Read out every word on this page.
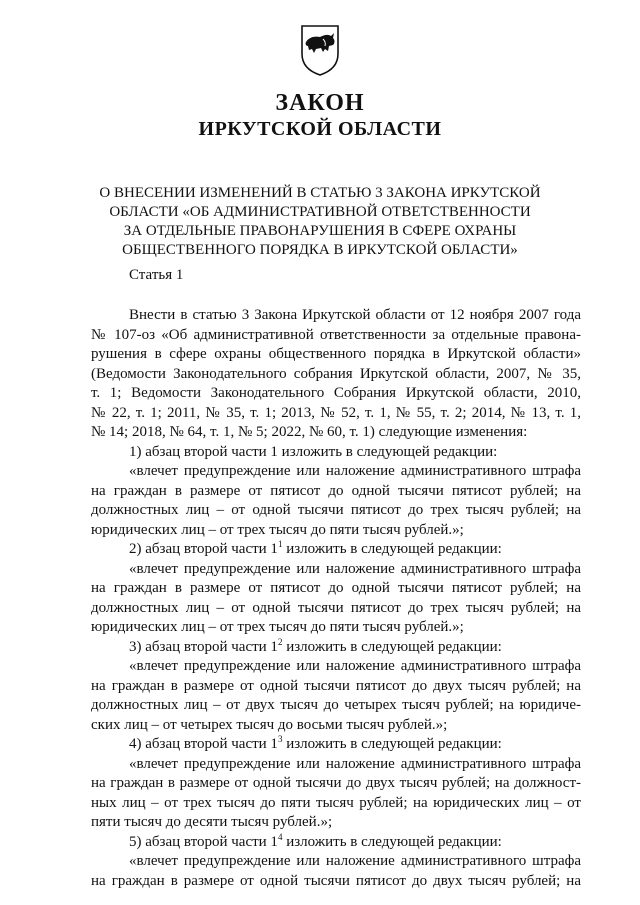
ЗАКОН
ИРКУТСКОЙ ОБЛАСТИ
О ВНЕСЕНИИ ИЗМЕНЕНИЙ В СТАТЬЮ 3 ЗАКОНА ИРКУТСКОЙ
ОБЛАСТИ «ОБ АДМИНИСТРАТИВНОЙ ОТВЕТСТВЕННОСТИ
ЗА ОТДЕЛЬНЫЕ ПРАВОНАРУШЕНИЯ В СФЕРЕ ОХРАНЫ
ОБЩЕСТВЕННОГО ПОРЯДКА В ИРКУТСКОЙ ОБЛАСТИ»
Статья 1
Внести в статью 3 Закона Иркутской области от 12 ноября 2007 года
№ 107-оз «Об административной ответственности за отдельные правона-
рушения в сфере охраны общественного порядка в Иркутской области»
(Ведомости Законодательного собрания Иркутской области, 2007, № 35,
т. 1; Ведомости Законодательного Собрания Иркутской области, 2010,
№ 22, т. 1; 2011, № 35, т. 1; 2013, № 52, т. 1, № 55, т. 2; 2014, № 13, т. 1,
№ 14; 2018, № 64, т. 1, № 5; 2022, № 60, т. 1) следующие изменения:
1) абзац второй части 1 изложить в следующей редакции:
«влечет предупреждение или наложение административного штрафа
на граждан в размере от пятисот до одной тысячи пятисот рублей; на
должностных лиц – от одной тысячи пятисот до трех тысяч рублей; на
юридических лиц – от трех тысяч до пяти тысяч рублей.»;
2) абзац второй части $1^1$ изложить в следующей редакции:
«влечет предупреждение или наложение административного штрафа
на граждан в размере от пятисот до одной тысячи пятисот рублей; на
должностных лиц – от одной тысячи пятисот до трех тысяч рублей; на
юридических лиц – от трех тысяч до пяти тысяч рублей.»;
3) абзац второй части $1^2$ изложить в следующей редакции:
«влечет предупреждение или наложение административного штрафа
на граждан в размере от одной тысячи пятисот до двух тысяч рублей; на
должностных лиц – от двух тысяч до четырех тысяч рублей; на юридиче-
ских лиц – от четырех тысяч до восьми тысяч рублей.»;
4) абзац второй части $1^3$ изложить в следующей редакции:
«влечет предупреждение или наложение административного штрафа
на граждан в размере от одной тысячи до двух тысяч рублей; на должност-
ных лиц – от трех тысяч до пяти тысяч рублей; на юридических лиц – от
пяти тысяч до десяти тысяч рублей.»;
5) абзац второй части $1^4$ изложить в следующей редакции:
«влечет предупреждение или наложение административного штрафа
на граждан в размере от одной тысячи пятисот до двух тысяч рублей; на
